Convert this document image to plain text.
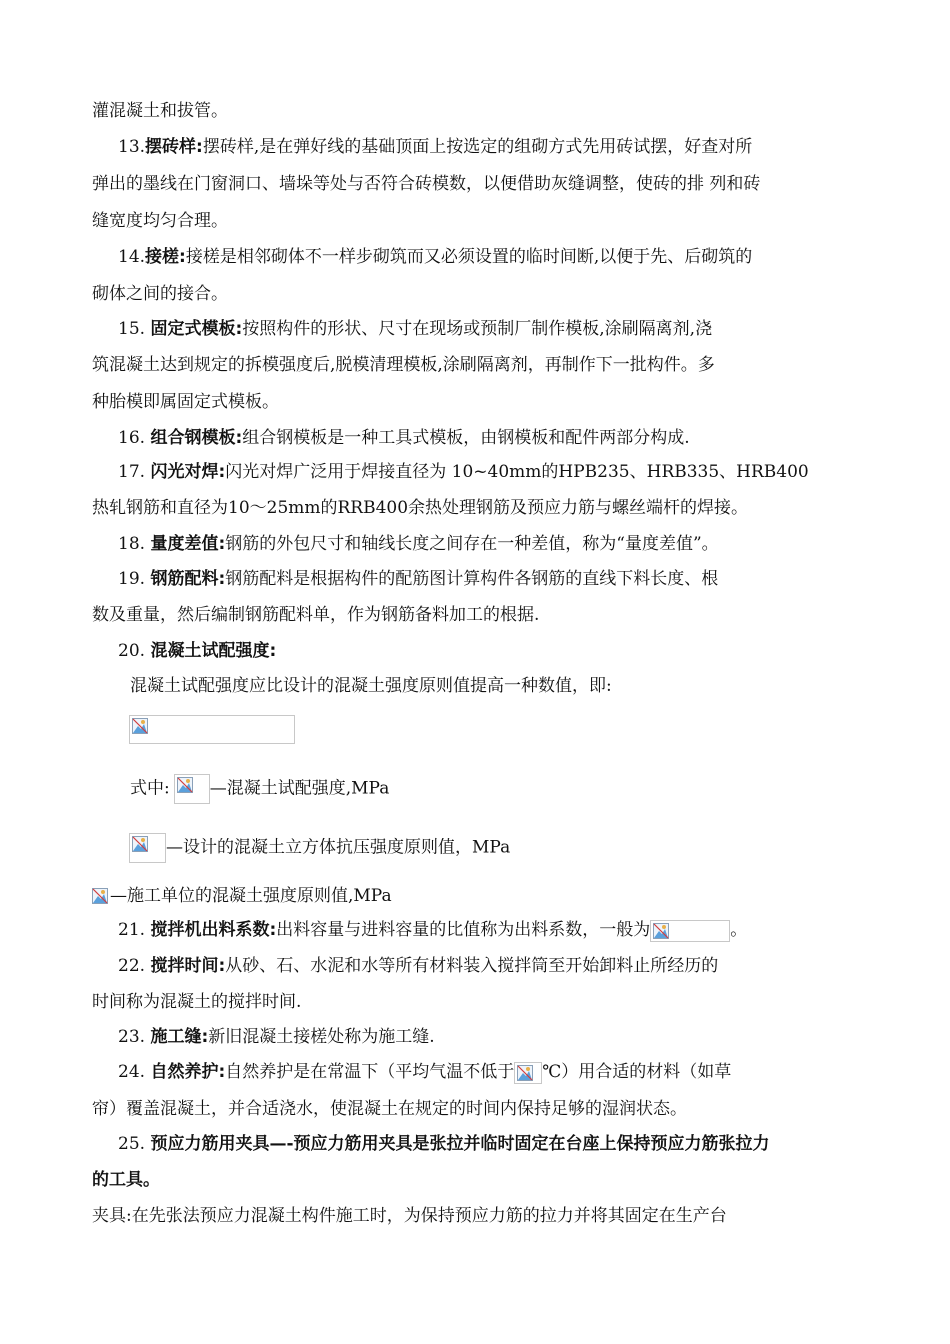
灌混凝土和拔管。
13.摆砖样:摆砖样,是在弹好线的基础顶面上按选定的组砌方式先用砖试摆，好查对所
弹出的墨线在门窗洞口、墙垛等处与否符合砖模数，以便借助灰缝调整，使砖的排 列和砖
缝宽度均匀合理。
14.接槎:接槎是相邻砌体不一样步砌筑而又必须设置的临时间断,以便于先、后砌筑的
砌体之间的接合。
15. 固定式模板:按照构件的形状、尺寸在现场或预制厂制作模板,涂刷隔离剂,浇
筑混凝土达到规定的拆模强度后,脱模清理模板,涂刷隔离剂，再制作下一批构件。多
种胎模即属固定式模板。
16. 组合钢模板:组合钢模板是一种工具式模板，由钢模板和配件两部分构成.
17. 闪光对焊:闪光对焊广泛用于焊接直径为 10~40mm的HPB235、HRB335、HRB400
热轧钢筋和直径为10～25mm的RRB400余热处理钢筋及预应力筋与螺丝端杆的焊接。
18. 量度差值:钢筋的外包尺寸和轴线长度之间存在一种差值，称为“量度差值”。
19. 钢筋配料:钢筋配料是根据构件的配筋图计算构件各钢筋的直线下料长度、根
数及重量，然后编制钢筋配料单，作为钢筋备料加工的根据.
20. 混凝土试配强度:
混凝土试配强度应比设计的混凝土强度原则值提高一种数值，即:
式中: —混凝土试配强度,MPa
—设计的混凝土立方体抗压强度原则值，MPa
—施工单位的混凝土强度原则值,MPa
21. 搅拌机出料系数:出料容量与进料容量的比值称为出料系数，一般为	。
22. 搅拌时间:从砂、石、水泥和水等所有材料装入搅拌筒至开始卸料止所经历的
时间称为混凝土的搅拌时间.
23. 施工缝:新旧混凝土接槎处称为施工缝.
24. 自然养护:自然养护是在常温下（平均气温不低于 ℃）用合适的材料（如草
帘）覆盖混凝土，并合适浇水，使混凝土在规定的时间内保持足够的湿润状态。
25. 预应力筋用夹具—-预应力筋用夹具是张拉并临时固定在台座上保持预应力筋张拉力
的工具。
夹具:在先张法预应力混凝土构件施工时，为保持预应力筋的拉力并将其固定在生产台
